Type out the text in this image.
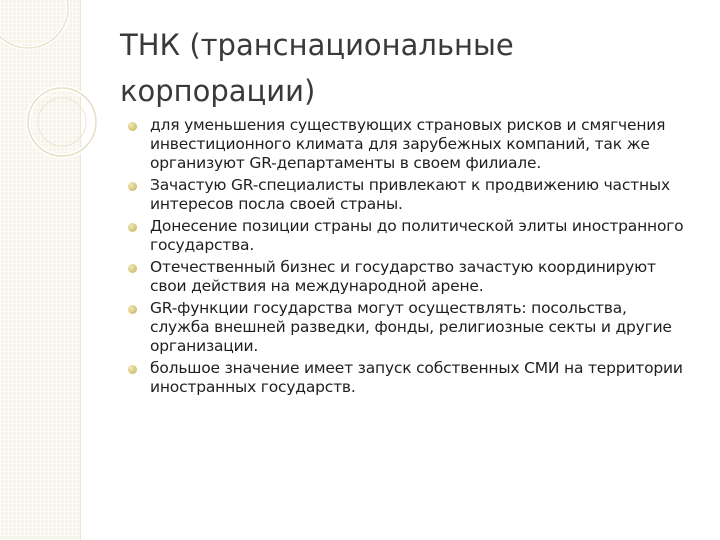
ТНК (транснациональные корпорации)
для уменьшения существующих страновых рисков и смягчения инвестиционного климата для зарубежных компаний, так же организуют GR-департаменты в своем филиале.
Зачастую GR-специалисты привлекают к продвижению частных интересов посла своей страны.
Донесение позиции страны до политической элиты иностранного государства.
Отечественный бизнес и государство зачастую координируют свои действия на международной арене.
GR-функции государства могут осуществлять: посольства, служба внешней разведки, фонды, религиозные секты и другие организации.
большое значение имеет запуск собственных СМИ на территории иностранных государств.
